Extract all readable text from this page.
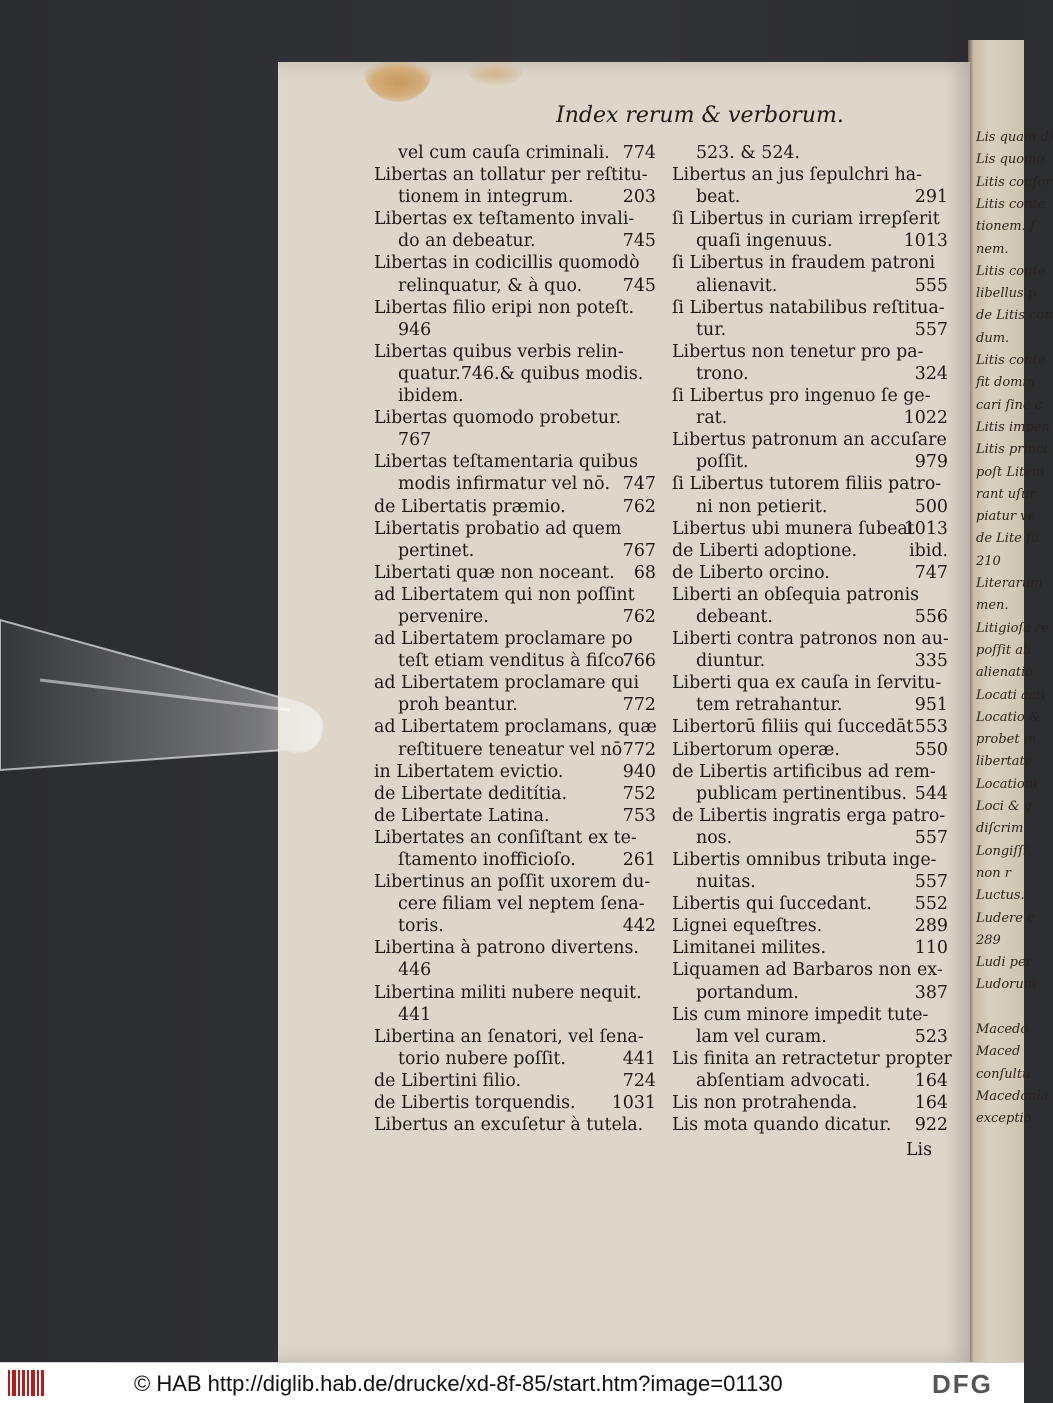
Lis quam di
Lis quomo
Litis conſor
Litis conte
tionem. ſ
nem.
Litis conte
libellus p
de Litis con
dum.
Litis conte
fit domin
cari ſine c
Litis impen
Litis princi
poſt Litem
rant uſur
piatur ve
de Lite ſu
210
Literarum
men.
Litigioſa re
poſſit ali
alienatio
Locati acti
Locatio &
probet in
libertate
Locationi
Loci & g
diſcrim
Longiſſi
non r
Luctus.
Ludere c
289
Ludi per
Ludorum
Macedo
Maced
conſultu
Macedonia
exceptio
Index rerum & verborum.
vel cum cauſa criminali. 774
Libertas an tollatur per reſtitu-
tionem in integrum.	203
Libertas ex teſtamento invali-
do an debeatur.	745
Libertas in codicillis quomodò
relinquatur, & à quo. 745
Libertas filio eripi non poteſt.
946
Libertas quibus verbis relin-
quatur.746.& quibus modis.
ibidem.
Libertas quomodo probetur.
767
Libertas teſtamentaria quibus
modis infirmatur vel nō. 747
de Libertatis præmio.	762
Libertatis probatio ad quem
pertinet.	767
Libertati quæ non noceant. 68
ad Libertatem qui non poſſint
pervenire.	762
ad Libertatem proclamare po
teſt etiam venditus à fiſco.
766
ad Libertatem proclamare qui
proh beantur.	772
ad Libertatem proclamans, quæ
reſtituere teneatur vel nō 772
in Libertatem evictio.	940
de Libertate deditítia.	752
de Libertate Latina.	753
Libertates an conſiſtant ex te-
ſtamento inofficioſo.	261
Libertinus an poſſit uxorem du-
cere filiam vel neptem ſena-
toris.	442
Libertina à patrono divertens.
446
Libertina militi nubere nequit.
441
Libertina an ſenatori, vel ſena-
torio nubere poſſit.	441
de Libertini filio.	724
de Libertis torquendis. 1031
Libertus an excuſetur à tutela.
523. & 524.
Libertus an jus ſepulchri ha-
beat.	291
ſi Libertus in curiam irrepſerit
quaſi ingenuus.	1013
ſi Libertus in fraudem patroni
alienavit.	555
ſi Libertus natabilibus reſtitua-
tur.	557
Libertus non tenetur pro pa-
trono.	324
ſi Libertus pro ingenuo ſe ge-
rat.	1022
Libertus patronum an accuſare
poſſit.	979
ſi Libertus tutorem filiis patro-
ni non petierit.	500
Libertus ubi munera ſubeat
1013
de Liberti adoptione.	ibid.
de Liberto orcino.	747
Liberti an obſequia patronis
debeant.	556
Liberti contra patronos non au-
diuntur.	335
Liberti qua ex cauſa in ſervitu-
tem retrahantur.	951
Libertorū filiis qui ſuccedāt 553
Libertorum operæ.	550
de Libertis artificibus ad rem-
publicam pertinentibus. 544
de Libertis ingratis erga patro-
nos.	557
Libertis omnibus tributa inge-
nuitas.	557
Libertis qui ſuccedant. 552
Lignei equeſtres.	289
Limitanei milites.	110
Liquamen ad Barbaros non ex-
portandum.	387
Lis cum minore impedit tute-
lam vel curam.	523
Lis finita an retractetur propter
abſentiam advocati.	164
Lis non protrahenda.	164
Lis mota quando dicatur. 922
Lis
© HAB http://diglib.hab.de/drucke/xd-8f-85/start.htm?image=01130	DFG
